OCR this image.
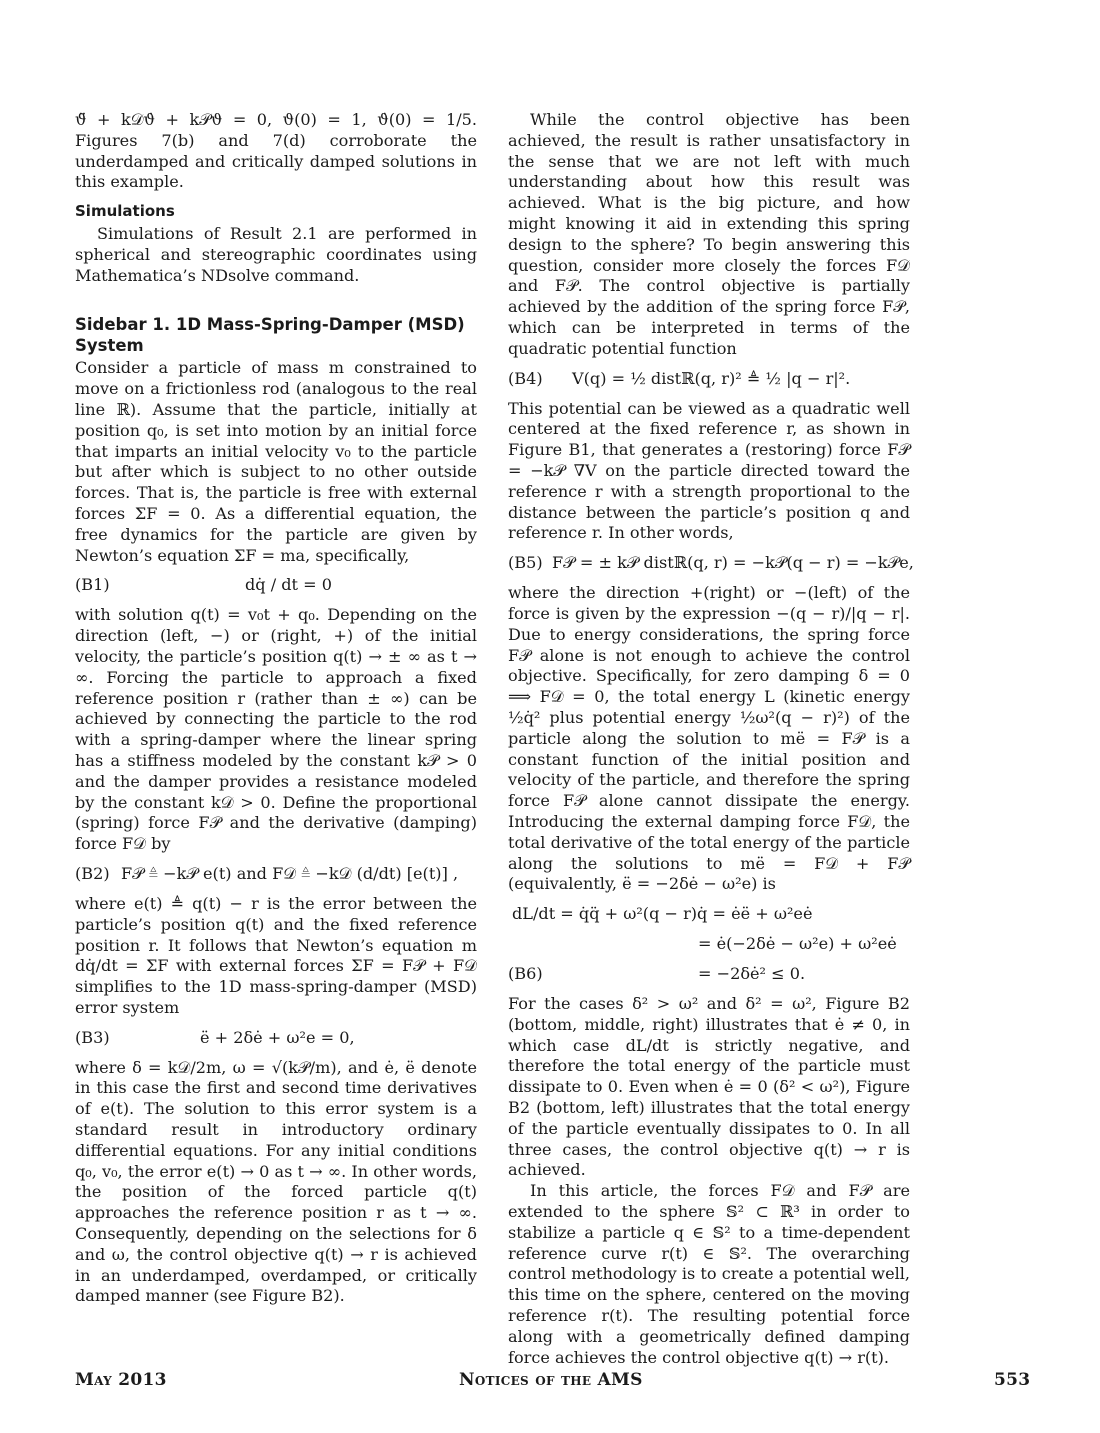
ϑ̈ + k𝒟ϑ̇ + k𝒫ϑ = 0, ϑ(0) = 1, ϑ̇(0) = 1/5. Figures 7(b) and 7(d) corroborate the underdamped and critically damped solutions in this example.

Simulations

Simulations of Result 2.1 are performed in spherical and stereographic coordinates using Mathematica’s NDsolve command.

Sidebar 1. 1D Mass-Spring-Damper (MSD) System

Consider a particle of mass m constrained to move on a frictionless rod (analogous to the real line ℝ). Assume that the particle, initially at position q₀, is set into motion by an initial force that imparts an initial velocity v₀ to the particle but after which is subject to no other outside forces. That is, the particle is free with external forces ΣF = 0. As a differential equation, the free dynamics for the particle are given by Newton’s equation ΣF = ma, specifically,

(B1)	dq̇ / dt = 0

with solution q(t) = v₀t + q₀. Depending on the direction (left, −) or (right, +) of the initial velocity, the particle’s position q(t) → ± ∞ as t → ∞. Forcing the particle to approach a fixed reference position r (rather than ± ∞) can be achieved by connecting the particle to the rod with a spring-damper where the linear spring has a stiffness modeled by the constant k𝒫 > 0 and the damper provides a resistance modeled by the constant k𝒟 > 0. Define the proportional (spring) force F𝒫 and the derivative (damping) force F𝒟 by

(B2) F𝒫 ≜ −k𝒫 e(t) and F𝒟 ≜ −k𝒟 (d/dt) [e(t)] ,

where e(t) ≜ q(t) − r is the error between the particle’s position q(t) and the fixed reference position r. It follows that Newton’s equation m dq̇/dt = ΣF with external forces ΣF = F𝒫 + F𝒟 simplifies to the 1D mass-spring-damper (MSD) error system

(B3)	ë + 2δė + ω²e = 0,

where δ = k𝒟/2m, ω = √(k𝒫/m), and ė, ë denote in this case the first and second time derivatives of e(t). The solution to this error system is a standard result in introductory ordinary differential equations. For any initial conditions q₀, v₀, the error e(t) → 0 as t → ∞. In other words, the position of the forced particle q(t) approaches the reference position r as t → ∞. Consequently, depending on the selections for δ and ω, the control objective q(t) → r is achieved in an underdamped, overdamped, or critically damped manner (see Figure B2).

While the control objective has been achieved, the result is rather unsatisfactory in the sense that we are not left with much understanding about how this result was achieved. What is the big picture, and how might knowing it aid in extending this spring design to the sphere? To begin answering this question, consider more closely the forces F𝒟 and F𝒫. The control objective is partially achieved by the addition of the spring force F𝒫, which can be interpreted in terms of the quadratic potential function

(B4) V(q) = ½ distℝ(q, r)² ≜ ½ |q − r|².

This potential can be viewed as a quadratic well centered at the fixed reference r, as shown in Figure B1, that generates a (restoring) force F𝒫 = −k𝒫 ∇V on the particle directed toward the reference r with a strength proportional to the distance between the particle’s position q and reference r. In other words,

(B5) F𝒫 = ± k𝒫 distℝ(q, r) = −k𝒫(q − r) = −k𝒫e,

where the direction +(right) or −(left) of the force is given by the expression −(q − r)/|q − r|. Due to energy considerations, the spring force F𝒫 alone is not enough to achieve the control objective. Specifically, for zero damping δ = 0 ⟹ F𝒟 = 0, the total energy L (kinetic energy ½q̇² plus potential energy ½ω²(q − r)²) of the particle along the solution to më = F𝒫 is a constant function of the initial position and velocity of the particle, and therefore the spring force F𝒫 alone cannot dissipate the energy. Introducing the external damping force F𝒟, the total derivative of the total energy of the particle along the solutions to më = F𝒟 + F𝒫 (equivalently, ë = −2δė − ω²e) is

dL/dt = q̇q̈ + ω²(q − r)q̇ = ėë + ω²eė
= ė(−2δė − ω²e) + ω²eė
(B6)	= −2δė² ≤ 0.

For the cases δ² > ω² and δ² = ω², Figure B2 (bottom, middle, right) illustrates that ė ≠ 0, in which case dL/dt is strictly negative, and therefore the total energy of the particle must dissipate to 0. Even when ė = 0 (δ² < ω²), Figure B2 (bottom, left) illustrates that the total energy of the particle eventually dissipates to 0. In all three cases, the control objective q(t) → r is achieved.

In this article, the forces F𝒟 and F𝒫 are extended to the sphere 𝕊² ⊂ ℝ³ in order to stabilize a particle q ∈ 𝕊² to a time-dependent reference curve r(t) ∈ 𝕊². The overarching control methodology is to create a potential well, this time on the sphere, centered on the moving reference r(t). The resulting potential force along with a geometrically defined damping force achieves the control objective q(t) → r(t).

May 2013	Notices of the AMS	553
